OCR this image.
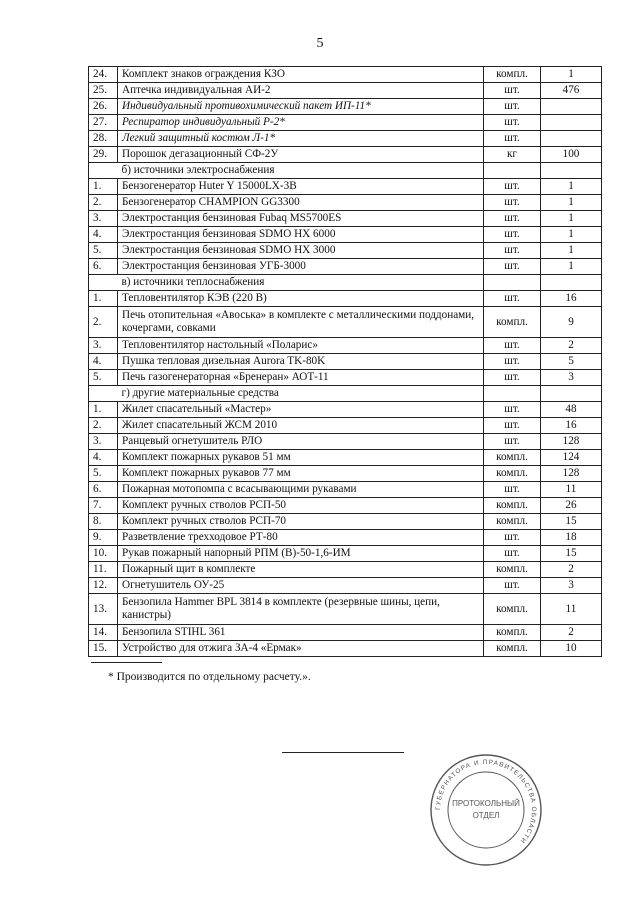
5
24.	Комплект знаков ограждения КЗО	компл.	1
25.	Аптечка индивидуальная АИ-2	шт.	476
26.	Индивидуальный противохимический пакет ИП-11*	шт.	
27.	Респиратор индивидуальный Р-2*	шт.	
28.	Легкий защитный костюм Л-1*	шт.	
29.	Порошок дегазационный СФ-2У	кг	100
	б) источники электроснабжения		
1.	Бензогенератор Huter Y 15000LX-3B	шт.	1
2.	Бензогенератор CHAMPION GG3300	шт.	1
3.	Электростанция бензиновая Fubaq MS5700ES	шт.	1
4.	Электростанция бензиновая SDMO HX 6000	шт.	1
5.	Электростанция бензиновая SDMO HX 3000	шт.	1
6.	Электростанция бензиновая УГБ-3000	шт.	1
	в) источники теплоснабжения		
1.	Тепловентилятор КЭВ (220 В)	шт.	16
2.	Печь отопительная «Авоська» в комплекте с металлическими поддонами, кочергами, совками	компл.	9
3.	Тепловентилятор настольный «Поларис»	шт.	2
4.	Пушка тепловая дизельная Aurora TK-80K	шт.	5
5.	Печь газогенераторная «Бренеран» АОТ-11	шт.	3
	г) другие материальные средства		
1.	Жилет спасательный «Мастер»	шт.	48
2.	Жилет спасательный ЖСМ 2010	шт.	16
3.	Ранцевый огнетушитель РЛО	шт.	128
4.	Комплект пожарных рукавов 51 мм	компл.	124
5.	Комплект пожарных рукавов 77 мм	компл.	128
6.	Пожарная мотопомпа с всасывающими рукавами	шт.	11
7.	Комплект ручных стволов РСП-50	компл.	26
8.	Комплект ручных стволов РСП-70	компл.	15
9.	Разветвление трехходовое РТ-80	шт.	18
10.	Рукав пожарный напорный РПМ (В)-50-1,6-ИМ	шт.	15
11.	Пожарный щит в комплекте	компл.	2
12.	Огнетушитель ОУ-25	шт.	3
13.	Бензопила Hammer BPL 3814 в комплекте (резервные шины, цепи, канистры)	компл.	11
14.	Бензопила STIHL 361	компл.	2
15.	Устройство для отжига ЗА-4 «Ермак»	компл.	10
* Производится по отдельному расчету.».
ГУБЕРНАТОРА И ПРАВИТЕЛЬСТВА ОБЛАСТИ
ПРОТОКОЛЬНЫЙ
ОТДЕЛ
